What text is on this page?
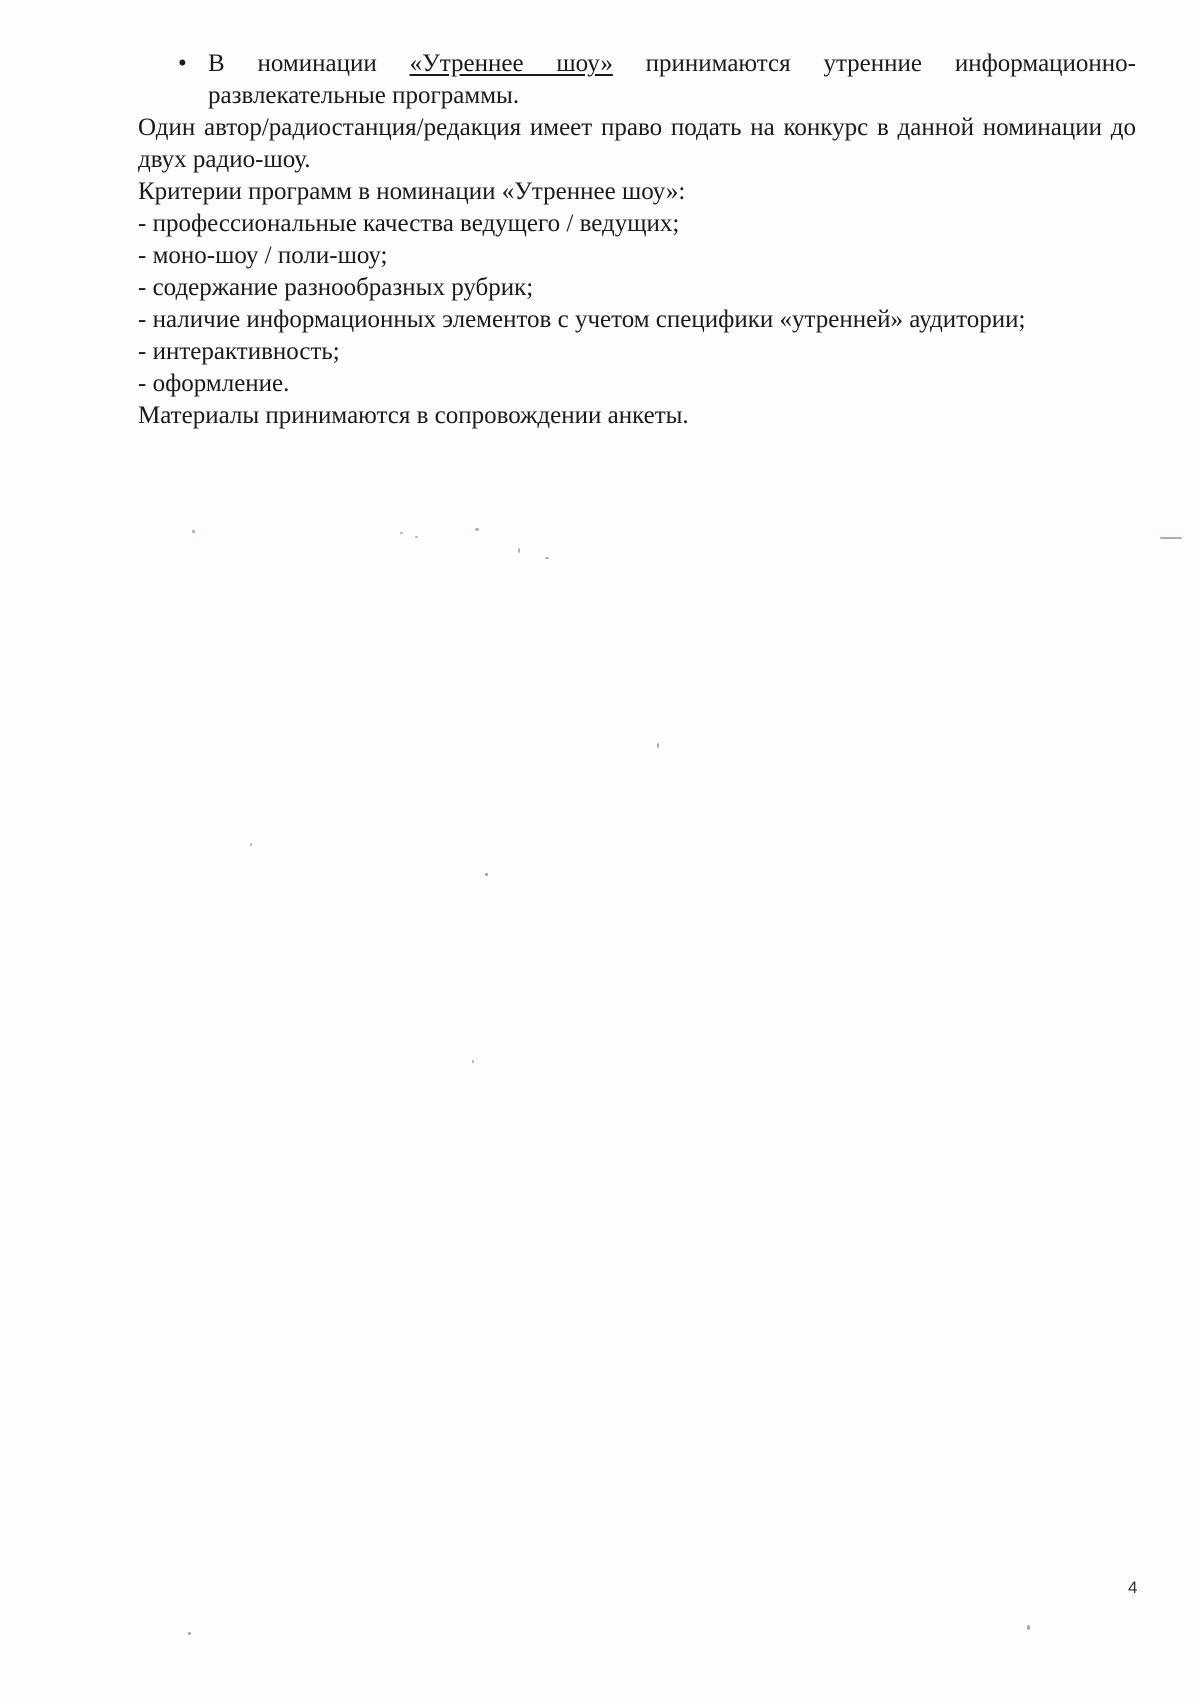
• В номинации «Утреннее шоу» принимаются утренние информационно-развлекательные программы.

Один автор/радиостанция/редакция имеет право подать на конкурс в данной номинации до двух радио-шоу.

Критерии программ в номинации «Утреннее шоу»:

- профессиональные качества ведущего / ведущих;

- моно-шоу / поли-шоу;

- содержание разнообразных рубрик;

- наличие информационных элементов с учетом специфики «утренней» аудитории;

- интерактивность;

- оформление.

Материалы принимаются в сопровождении анкеты.

4
